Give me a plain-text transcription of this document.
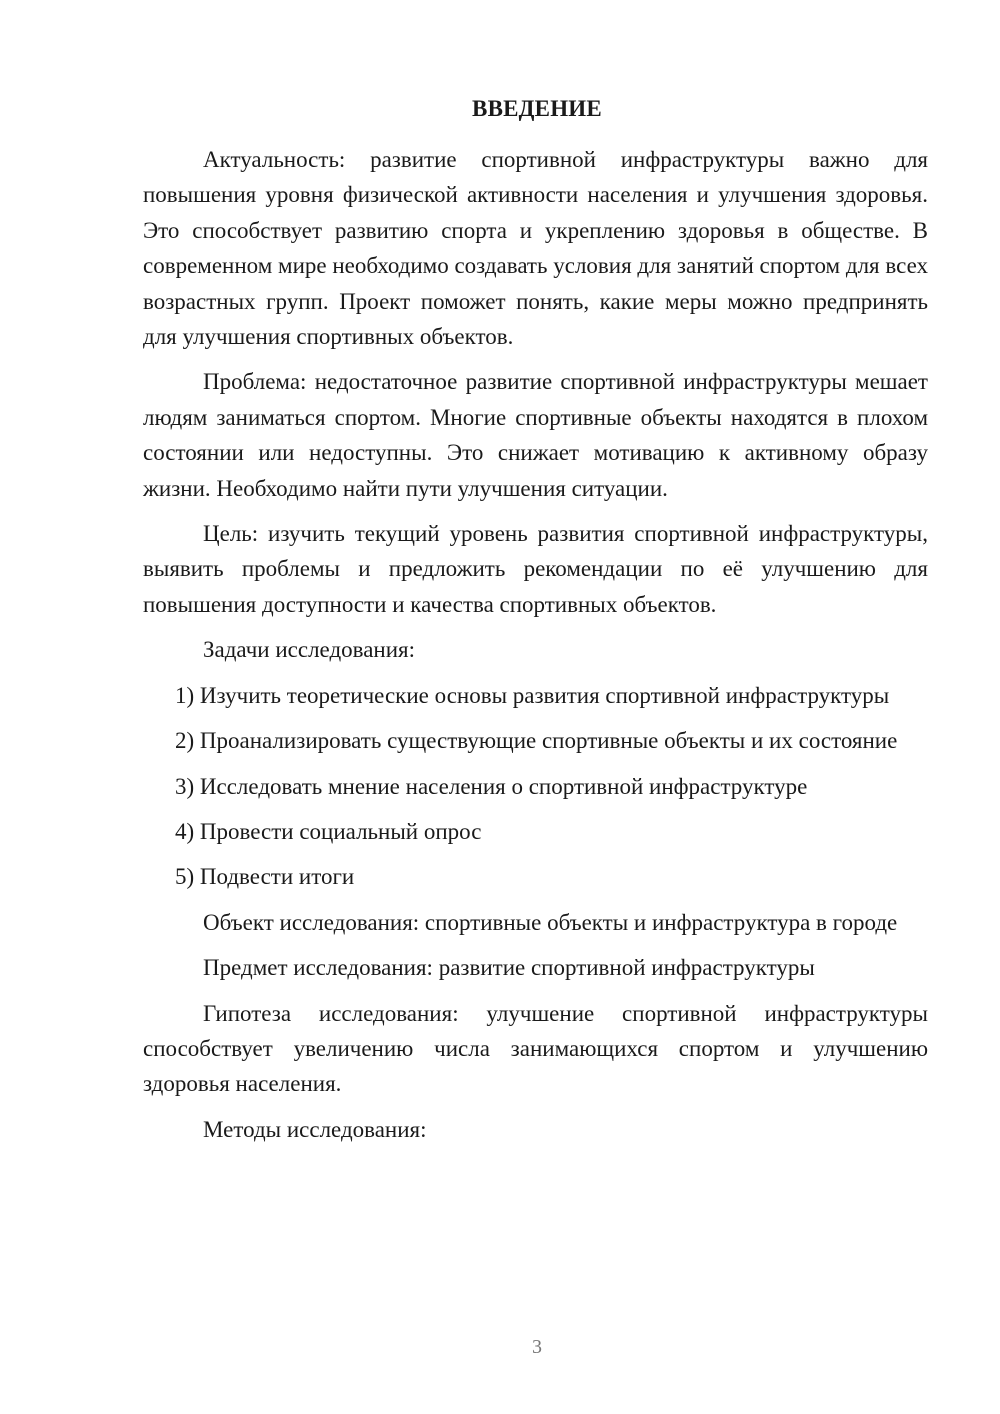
ВВЕДЕНИЕ

Актуальность: развитие спортивной инфраструктуры важно для повышения уровня физической активности населения и улучшения здоровья. Это способствует развитию спорта и укреплению здоровья в обществе. В современном мире необходимо создавать условия для занятий спортом для всех возрастных групп. Проект поможет понять, какие меры можно предпринять для улучшения спортивных объектов.

Проблема: недостаточное развитие спортивной инфраструктуры мешает людям заниматься спортом. Многие спортивные объекты находятся в плохом состоянии или недоступны. Это снижает мотивацию к активному образу жизни. Необходимо найти пути улучшения ситуации.

Цель: изучить текущий уровень развития спортивной инфраструктуры, выявить проблемы и предложить рекомендации по её улучшению для повышения доступности и качества спортивных объектов.

Задачи исследования:

1) Изучить теоретические основы развития спортивной инфраструктуры

2) Проанализировать существующие спортивные объекты и их состояние

3) Исследовать мнение населения о спортивной инфраструктуре

4) Провести социальный опрос

5) Подвести итоги

Объект исследования: спортивные объекты и инфраструктура в городе

Предмет исследования: развитие спортивной инфраструктуры

Гипотеза исследования: улучшение спортивной инфраструктуры способствует увеличению числа занимающихся спортом и улучшению здоровья населения.

Методы исследования:

3
